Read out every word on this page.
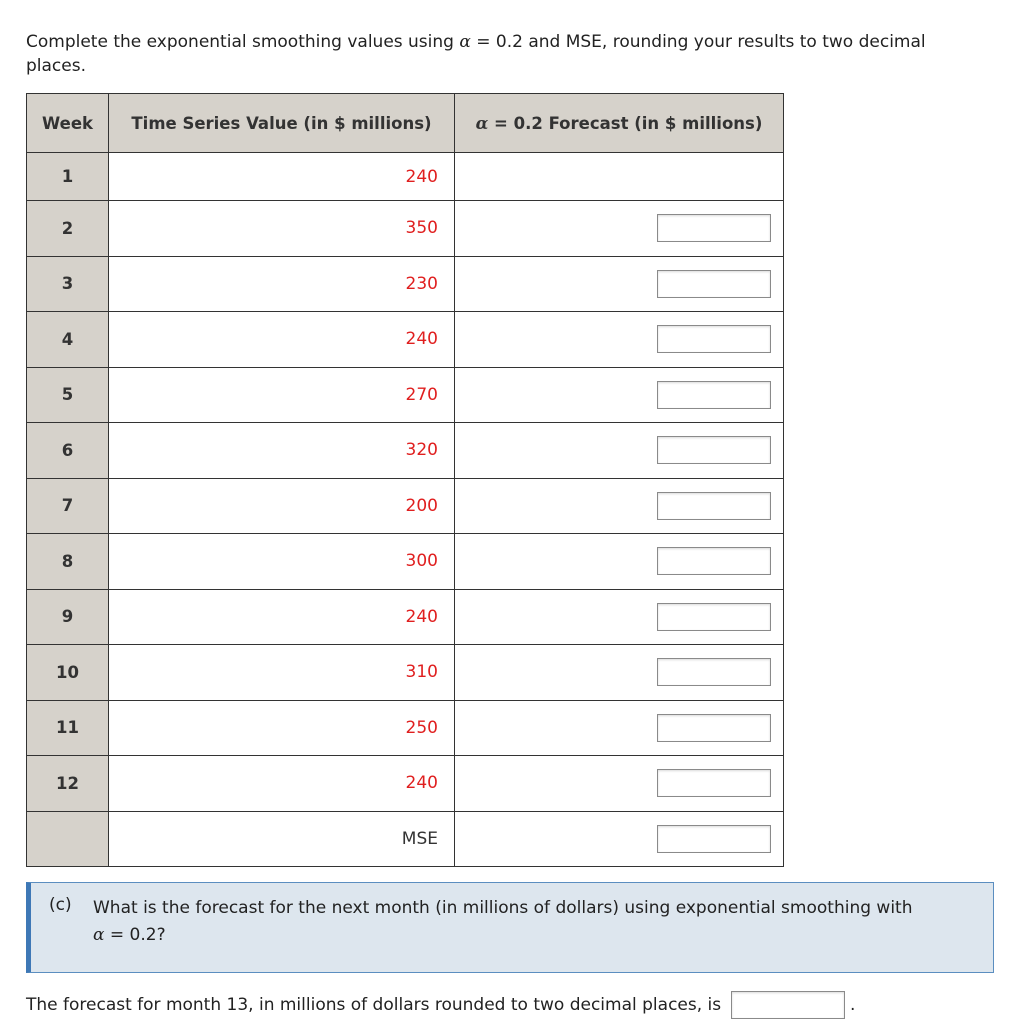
Complete the exponential smoothing values using α = 0.2 and MSE, rounding your results to two decimal places.
Week	Time Series Value (in $ millions)	α = 0.2 Forecast (in $ millions)
1	240	
2	350	
3	230	
4	240	
5	270	
6	320	
7	200	
8	300	
9	240	
10	310	
11	250	
12	240	
	MSE	
(c) What is the forecast for the next month (in millions of dollars) using exponential smoothing with
α = 0.2?
The forecast for month 13, in millions of dollars rounded to two decimal places, is	.
